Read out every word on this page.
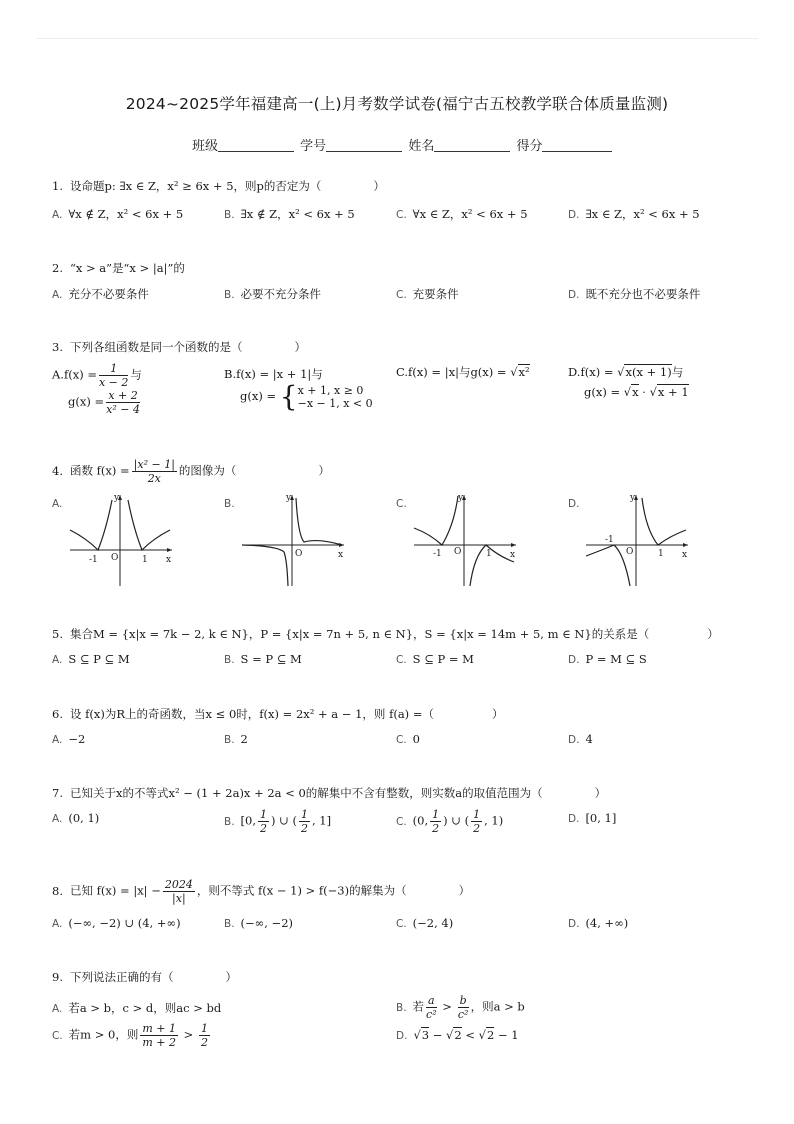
2024~2025学年福建高一(上)月考数学试卷(福宁古五校教学联合体质量监测)
班级	学号	姓名	得分
1. 设命题p: ∃x ∈ Z，x² ≥ 6x + 5，则p的否定为（	）
A. ∀x ∉ Z，x² < 6x + 5	B. ∃x ∉ Z，x² < 6x + 5	C. ∀x ∈ Z，x² < 6x + 5	D. ∃x ∈ Z，x² < 6x + 5
2. “x > a”是“x > |a|”的
A. 充分不必要条件	B. 必要不充分条件	C. 充要条件	D. 既不充分也不必要条件
3. 下列各组函数是同一个函数的是（	）
$A.f(x) = \frac{1}{x - 2}$ 与
$g(x) = \frac{x + 2}{\text{x² − 4}}$
B.f(x) = |x + 1|与
g(x) = { x + 1, x ≥ 0
−x − 1, x < 0
C.f(x) = |x|与g(x) = √x²	D.f(x) = √x(x + 1)与
g(x) = √x · √x + 1
4. 函数 $f(x) = \frac{\text{|x² − 1|}}{2x}$ 的图像为（	）
A.
-1 O	1 x
y	B.
O	x
y	C.
-1 O	1 x
y	D.
-1
O	1 x
y
5. 集合M = {x|x = 7k − 2, k ∈ N}，P = {x|x = 7n + 5, n ∈ N}，S = {x|x = 14m + 5, m ∈ N}的关系是（	）
A. S ⊆ P ⊆ M	B. S = P ⊆ M	C. S ⊆ P = M	D. P = M ⊆ S
6. 设 f(x)为R上的奇函数，当x ≤ 0时，f(x) = 2x² + a − 1，则 f(a) =（	）
A. −2	B. 2	C. 0	D. 4
7. 已知关于x的不等式x² − (1 + 2a)x + 2a < 0的解集中不含有整数，则实数a的取值范围为（	）
A. (0, 1)	B. [0, $\frac{1}{2}$ ) ∪ ( $\frac{1}{2}$ , 1]	C. (0, $\frac{1}{2}$ ) ∪ ( $\frac{1}{2}$ , 1)	D. [0, 1]
8. 已知 $f(x) = |x| - \frac{2024}{|x|}$ ，则不等式 f(x − 1) > f(−3)的解集为（	）
A. (−∞, −2) ∪ (4, +∞)	B. (−∞, −2)	C. (−2, 4)	D. (4, +∞)
9. 下列说法正确的有（	）
A. 若a > b，c > d，则ac > bd	B. 若 $\frac{a}{\text{c²}} > \frac{b}{\text{c²}}$ ，则a > b
C. 若m > 0，则 $\frac{m + 1}{m + 2} > \frac{1}{2}$	D. √3 − √2 < √2 − 1
